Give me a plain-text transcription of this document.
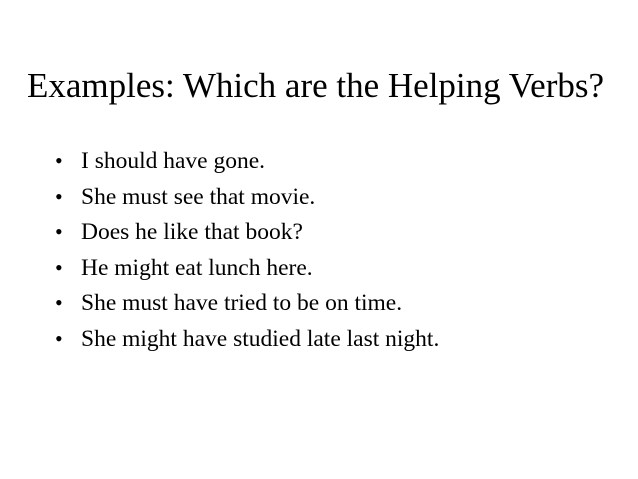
Examples: Which are the Helping Verbs?
• I should have gone.
• She must see that movie.
• Does he like that book?
• He might eat lunch here.
• She must have tried to be on time.
• She might have studied late last night.
